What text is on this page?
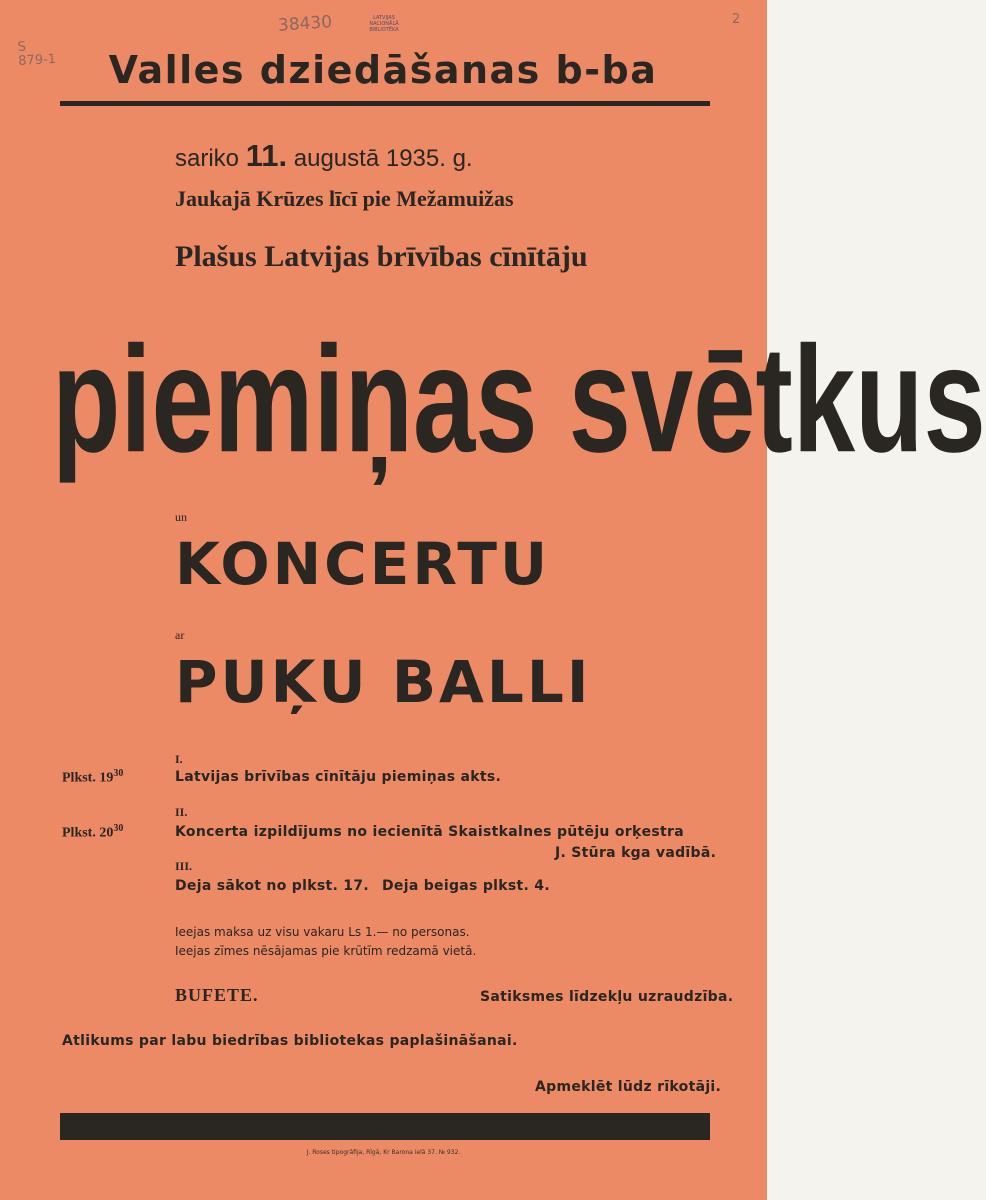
38430
S
879-1
2
LATVIJAS NACIONĀLĀ BIBLIOTĒKA
Valles dziedāšanas b-ba
sariko 11. augustā 1935. g.
Jaukajā Krūzes līcī pie Mežamuižas
Plašus Latvijas brīvības cīnītāju
piemiņas svētkus
un
KONCERTU
ar
PUĶU BALLI
I.
Plkst. $19^{30}$	Latvijas brīvības cīnītāju piemiņas akts.
II.
Plkst. $20^{30}$	Koncerta izpildījums no iecienītā Skaistkalnes pūtēju orķestra
J. Stūra kga vadībā.
III.
Deja sākot no plkst. 17. Deja beigas plkst. 4.
Ieejas maksa uz visu vakaru Ls 1.— no personas.
Ieejas zīmes nēsājamas pie krūtīm redzamā vietā.
BUFETE.	Satiksmes līdzekļu uzraudzība.
Atlikums par labu biedrības bibliotekas paplašināšanai.
Apmeklēt lūdz rīkotāji.
J. Roses tipogrāfija, Rīgā, Kr Barona ielā 37. № 932.
